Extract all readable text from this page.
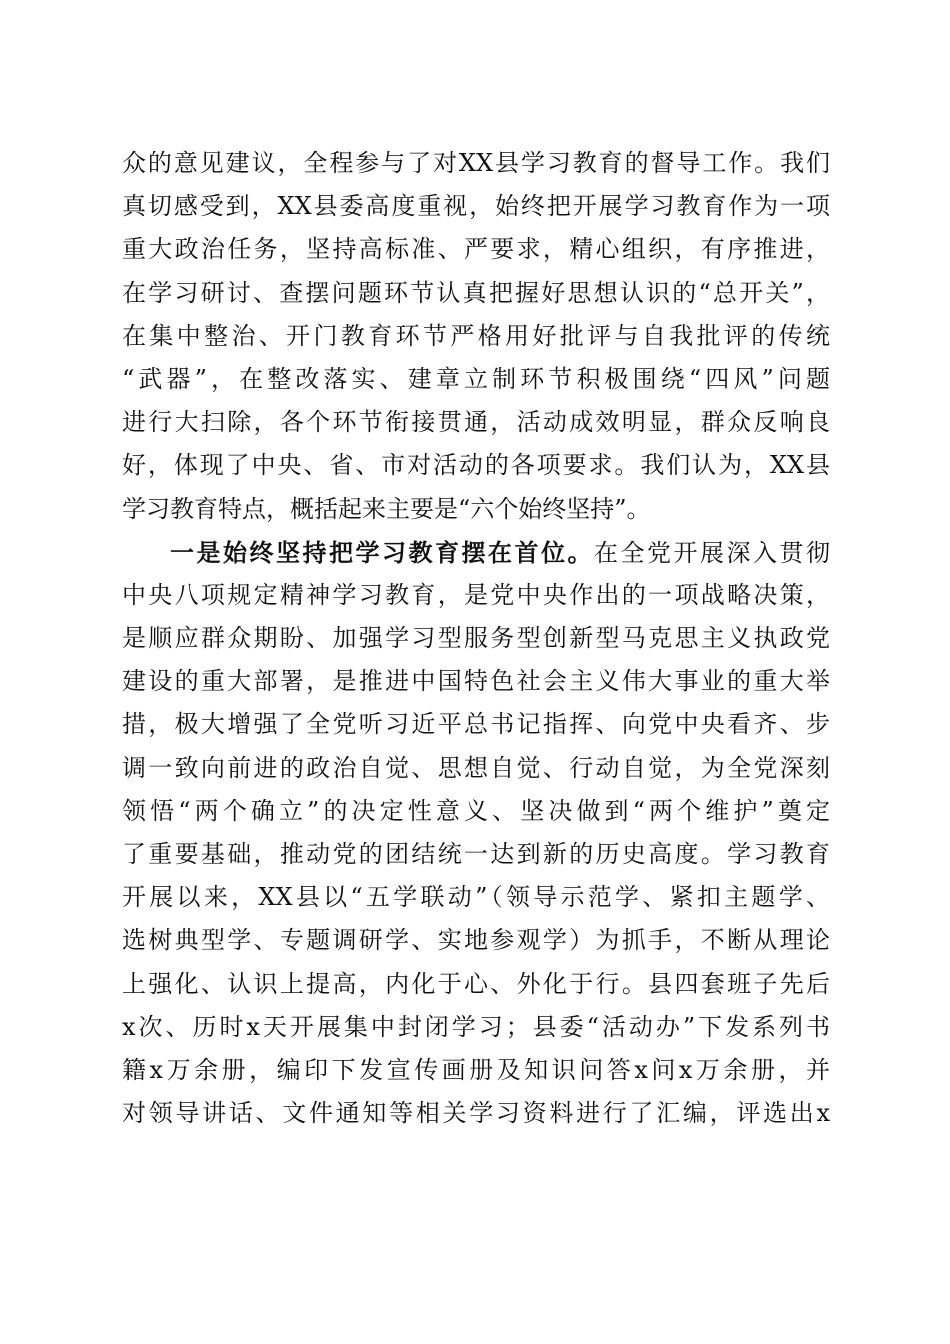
众的意见建议，全程参与了对XX县学习教育的督导工作。我们
真切感受到，XX县委高度重视，始终把开展学习教育作为一项
重大政治任务，坚持高标准、严要求，精心组织，有序推进，
在学习研讨、查摆问题环节认真把握好思想认识的“总开关”，
在集中整治、开门教育环节严格用好批评与自我批评的传统
“武器”，在整改落实、建章立制环节积极围绕“四风”问题
进行大扫除，各个环节衔接贯通，活动成效明显，群众反响良
好，体现了中央、省、市对活动的各项要求。我们认为，XX县
学习教育特点，概括起来主要是“六个始终坚持”。
一是始终坚持把学习教育摆在首位。在全党开展深入贯彻
中央八项规定精神学习教育，是党中央作出的一项战略决策，
是顺应群众期盼、加强学习型服务型创新型马克思主义执政党
建设的重大部署，是推进中国特色社会主义伟大事业的重大举
措，极大增强了全党听习近平总书记指挥、向党中央看齐、步
调一致向前进的政治自觉、思想自觉、行动自觉，为全党深刻
领悟“两个确立”的决定性意义、坚决做到“两个维护”奠定
了重要基础，推动党的团结统一达到新的历史高度。学习教育
开展以来，XX县以“五学联动”（领导示范学、紧扣主题学、
选树典型学、专题调研学、实地参观学）为抓手，不断从理论
上强化、认识上提高，内化于心、外化于行。县四套班子先后
x次、历时x天开展集中封闭学习；县委“活动办”下发系列书
籍x万余册，编印下发宣传画册及知识问答x问x万余册，并
对领导讲话、文件通知等相关学习资料进行了汇编，评选出x
